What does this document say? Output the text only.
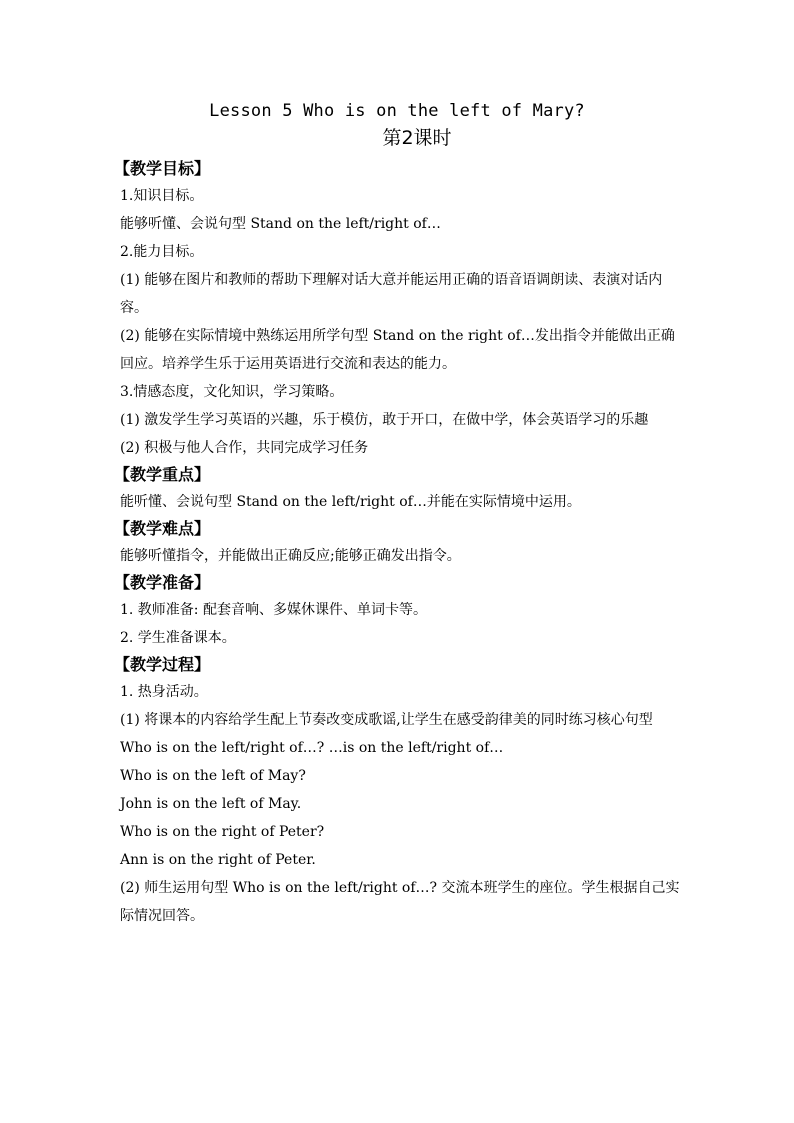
Lesson 5 Who is on the left of Mary?
第2课时
【教学目标】
1.知识目标。
能够听懂、会说句型 Stand on the left/right of…
2.能力目标。
(1) 能够在图片和教师的帮助下理解对话大意并能运用正确的语音语调朗读、表演对话内
容。
(2) 能够在实际情境中熟练运用所学句型 Stand on the right of…发出指令并能做出正确回应。培养学生乐于运用英语进行交流和表达的能力。
3.情感态度，文化知识，学习策略。
(1) 激发学生学习英语的兴趣，乐于模仿，敢于开口，在做中学，体会英语学习的乐趣
(2) 积极与他人合作，共同完成学习任务
【教学重点】
能听懂、会说句型 Stand on the left/right of…并能在实际情境中运用。
【教学难点】
能够听懂指令，并能做出正确反应;能够正确发出指令。
【教学准备】
1. 教师准备: 配套音响、多媒休课件、单词卡等。
2. 学生准备课本。
【教学过程】
1. 热身活动。
(1) 将课本的内容给学生配上节奏改变成歌谣,让学生在感受韵律美的同时练习核心句型
Who is on the left/right of…? …is on the left/right of…
Who is on the left of May?
John is on the left of May.
Who is on the right of Peter?
Ann is on the right of Peter.
(2) 师生运用句型 Who is on the left/right of…? 交流本班学生的座位。学生根据自己实际情况回答。
